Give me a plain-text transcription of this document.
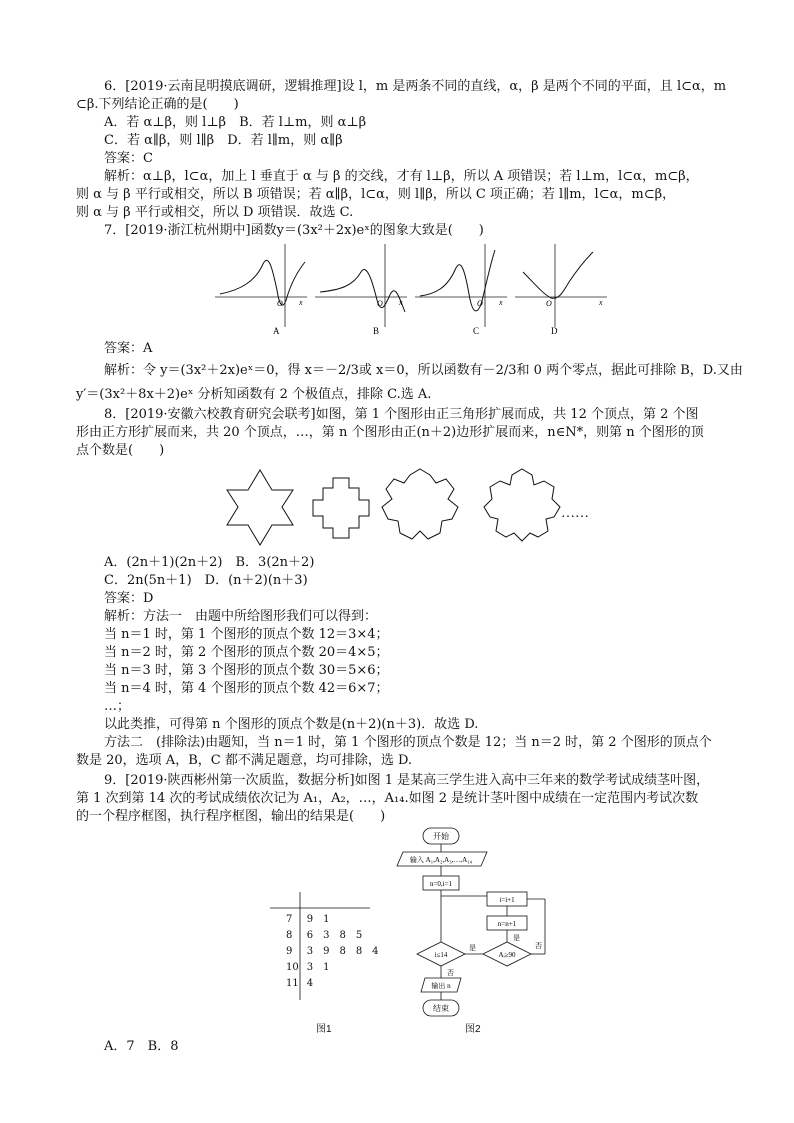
6．[2019·云南昆明摸底调研，逻辑推理]设 l，m 是两条不同的直线，α，β 是两个不同的平面，且 l⊂α，m
⊂β.下列结论正确的是(　　)
A．若 α⊥β，则 l⊥β　B．若 l⊥m，则 α⊥β
C．若 α∥β，则 l∥β　D．若 l∥m，则 α∥β
答案：C
解析：α⊥β，l⊂α，加上 l 垂直于 α 与 β 的交线，才有 l⊥β，所以 A 项错误；若 l⊥m，l⊂α，m⊂β，
则 α 与 β 平行或相交，所以 B 项错误；若 α∥β，l⊂α，则 l∥β，所以 C 项正确；若 l∥m，l⊂α，m⊂β，
则 α 与 β 平行或相交，所以 D 项错误．故选 C.
7．[2019·浙江杭州期中]函数y＝(3x²＋2x)eˣ的图象大致是(　　)
O x
A
O x
B
O x
C
O	x
D
答案：A
解析：令 y＝(3x²＋2x)eˣ＝0，得 x＝－2/3或 x＝0，所以函数有－2/3和 0 两个零点，据此可排除 B，D.又由
y′＝(3x²＋8x＋2)eˣ 分析知函数有 2 个极值点，排除 C.选 A.
8．[2019·安徽六校教育研究会联考]如图，第 1 个图形由正三角形扩展而成，共 12 个顶点，第 2 个图
形由正方形扩展而来，共 20 个顶点，…，第 n 个图形由正(n＋2)边形扩展而来，n∈N*，则第 n 个图形的顶
点个数是(　　)
……
A．(2n＋1)(2n＋2)　B．3(2n＋2)
C．2n(5n＋1)　D．(n＋2)(n＋3)
答案：D
解析：方法一　由题中所给图形我们可以得到：
当 n＝1 时，第 1 个图形的顶点个数 12＝3×4；
当 n＝2 时，第 2 个图形的顶点个数 20＝4×5；
当 n＝3 时，第 3 个图形的顶点个数 30＝5×6；
当 n＝4 时，第 4 个图形的顶点个数 42＝6×7；
…；
以此类推，可得第 n 个图形的顶点个数是(n＋2)(n＋3)．故选 D.
方法二　(排除法)由题知，当 n＝1 时，第 1 个图形的顶点个数是 12；当 n＝2 时，第 2 个图形的顶点个
数是 20，选项 A，B，C 都不满足题意，均可排除，选 D.
9．[2019·陕西彬州第一次质监，数据分析]如图 1 是某高三学生进入高中三年来的数学考试成绩茎叶图，
第 1 次到第 14 次的考试成绩依次记为 A₁，A₂，…，A₁₄.如图 2 是统计茎叶图中成绩在一定范围内考试次数
的一个程序框图，执行程序框图，输出的结果是(　　)
7	9　1
8	6　3　8　5
9	3　9　8　8　4
10	3　1
11	4
开始
输入 A₁,A₂,A₃,…,A₁₄
n=0,i=1
i=i+1
n=n+1
是
i≤14
是
Aᵢ≥90
否
否
输出 n
结束
图1	图2
A．7　B．8
